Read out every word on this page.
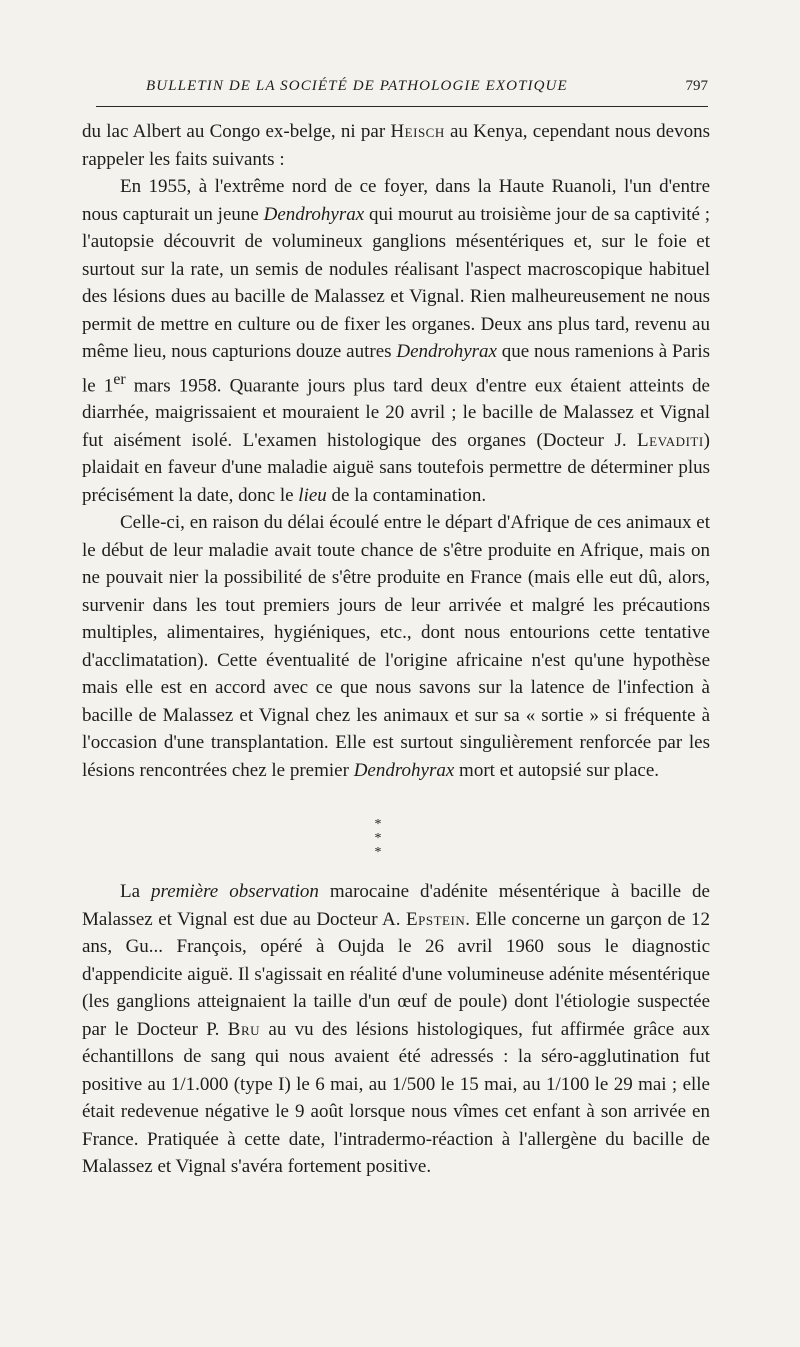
BULLETIN DE LA SOCIÉTÉ DE PATHOLOGIE EXOTIQUE	797

du lac Albert au Congo ex-belge, ni par Heisch au Kenya, cependant nous devons rappeler les faits suivants :

En 1955, à l'extrême nord de ce foyer, dans la Haute Ruanoli, l'un d'entre nous capturait un jeune Dendrohyrax qui mourut au troisième jour de sa captivité ; l'autopsie découvrit de volumineux ganglions mésentériques et, sur le foie et surtout sur la rate, un semis de nodules réalisant l'aspect macroscopique habituel des lésions dues au bacille de Malassez et Vignal. Rien malheureusement ne nous permit de mettre en culture ou de fixer les organes. Deux ans plus tard, revenu au même lieu, nous capturions douze autres Dendrohyrax que nous ramenions à Paris le 1er mars 1958. Quarante jours plus tard deux d'entre eux étaient atteints de diarrhée, maigrissaient et mouraient le 20 avril ; le bacille de Malassez et Vignal fut aisément isolé. L'examen histologique des organes (Docteur J. Levaditi) plaidait en faveur d'une maladie aiguë sans toutefois permettre de déterminer plus précisément la date, donc le lieu de la contamination.

Celle-ci, en raison du délai écoulé entre le départ d'Afrique de ces animaux et le début de leur maladie avait toute chance de s'être produite en Afrique, mais on ne pouvait nier la possibilité de s'être produite en France (mais elle eut dû, alors, survenir dans les tout premiers jours de leur arrivée et malgré les précautions multiples, alimentaires, hygiéniques, etc., dont nous entourions cette tentative d'acclimatation). Cette éventualité de l'origine africaine n'est qu'une hypothèse mais elle est en accord avec ce que nous savons sur la latence de l'infection à bacille de Malassez et Vignal chez les animaux et sur sa « sortie » si fréquente à l'occasion d'une transplantation. Elle est surtout singulièrement renforcée par les lésions rencontrées chez le premier Dendrohyrax mort et autopsié sur place.

*
* *

La première observation marocaine d'adénite mésentérique à bacille de Malassez et Vignal est due au Docteur A. Epstein. Elle concerne un garçon de 12 ans, Gu... François, opéré à Oujda le 26 avril 1960 sous le diagnostic d'appendicite aiguë. Il s'agissait en réalité d'une volumineuse adénite mésentérique (les ganglions atteignaient la taille d'un œuf de poule) dont l'étiologie suspectée par le Docteur P. Bru au vu des lésions histologiques, fut affirmée grâce aux échantillons de sang qui nous avaient été adressés : la séro-agglutination fut positive au 1/1.000 (type I) le 6 mai, au 1/500 le 15 mai, au 1/100 le 29 mai ; elle était redevenue négative le 9 août lorsque nous vîmes cet enfant à son arrivée en France. Pratiquée à cette date, l'intradermo-réaction à l'allergène du bacille de Malassez et Vignal s'avéra fortement positive.
